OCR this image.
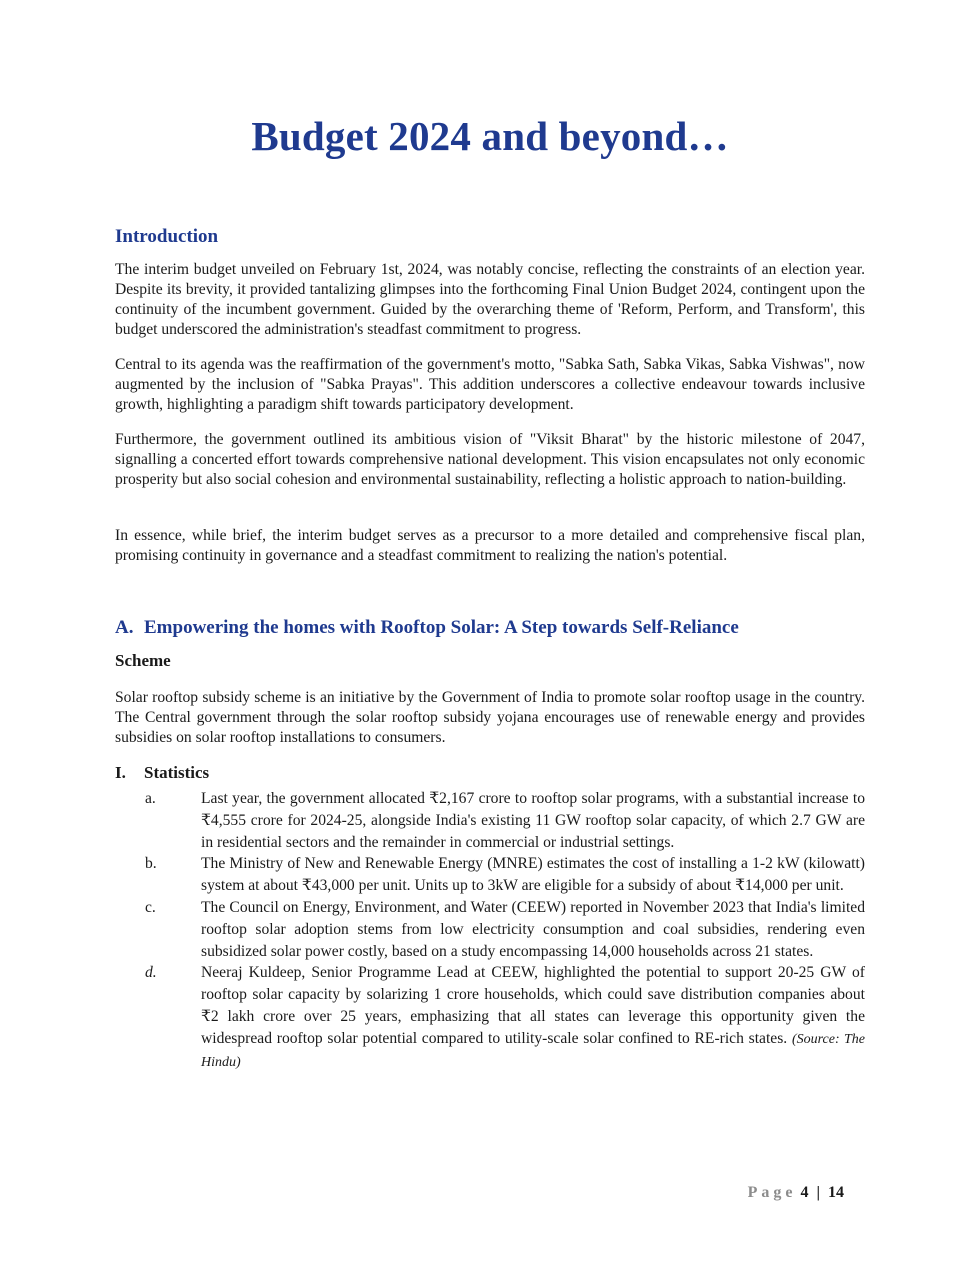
Budget 2024 and beyond…
Introduction

The interim budget unveiled on February 1st, 2024, was notably concise, reflecting the constraints of an election year. Despite its brevity, it provided tantalizing glimpses into the forthcoming Final Union Budget 2024, contingent upon the continuity of the incumbent government. Guided by the overarching theme of 'Reform, Perform, and Transform', this budget underscored the administration's steadfast commitment to progress.

Central to its agenda was the reaffirmation of the government's motto, "Sabka Sath, Sabka Vikas, Sabka Vishwas", now augmented by the inclusion of "Sabka Prayas". This addition underscores a collective endeavour towards inclusive growth, highlighting a paradigm shift towards participatory development.

Furthermore, the government outlined its ambitious vision of "Viksit Bharat" by the historic milestone of 2047, signalling a concerted effort towards comprehensive national development. This vision encapsulates not only economic prosperity but also social cohesion and environmental sustainability, reflecting a holistic approach to nation-building.

In essence, while brief, the interim budget serves as a precursor to a more detailed and comprehensive fiscal plan, promising continuity in governance and a steadfast commitment to realizing the nation's potential.

A. Empowering the homes with Rooftop Solar: A Step towards Self-Reliance
Scheme

Solar rooftop subsidy scheme is an initiative by the Government of India to promote solar rooftop usage in the country. The Central government through the solar rooftop subsidy yojana encourages use of renewable energy and provides subsidies on solar rooftop installations to consumers.

I. Statistics
a.	Last year, the government allocated ₹2,167 crore to rooftop solar programs, with a substantial increase to ₹4,555 crore for 2024-25, alongside India's existing 11 GW rooftop solar capacity, of which 2.7 GW are in residential sectors and the remainder in commercial or industrial settings.
b.	The Ministry of New and Renewable Energy (MNRE) estimates the cost of installing a 1-2 kW (kilowatt) system at about ₹43,000 per unit. Units up to 3kW are eligible for a subsidy of about ₹14,000 per unit.
c.	The Council on Energy, Environment, and Water (CEEW) reported in November 2023 that India's limited rooftop solar adoption stems from low electricity consumption and coal subsidies, rendering even subsidized solar power costly, based on a study encompassing 14,000 households across 21 states.
d.	Neeraj Kuldeep, Senior Programme Lead at CEEW, highlighted the potential to support 20-25 GW of rooftop solar capacity by solarizing 1 crore households, which could save distribution companies about ₹2 lakh crore over 25 years, emphasizing that all states can leverage this opportunity given the widespread rooftop solar potential compared to utility-scale solar confined to RE-rich states. (Source: The Hindu)
Page 4 | 14
